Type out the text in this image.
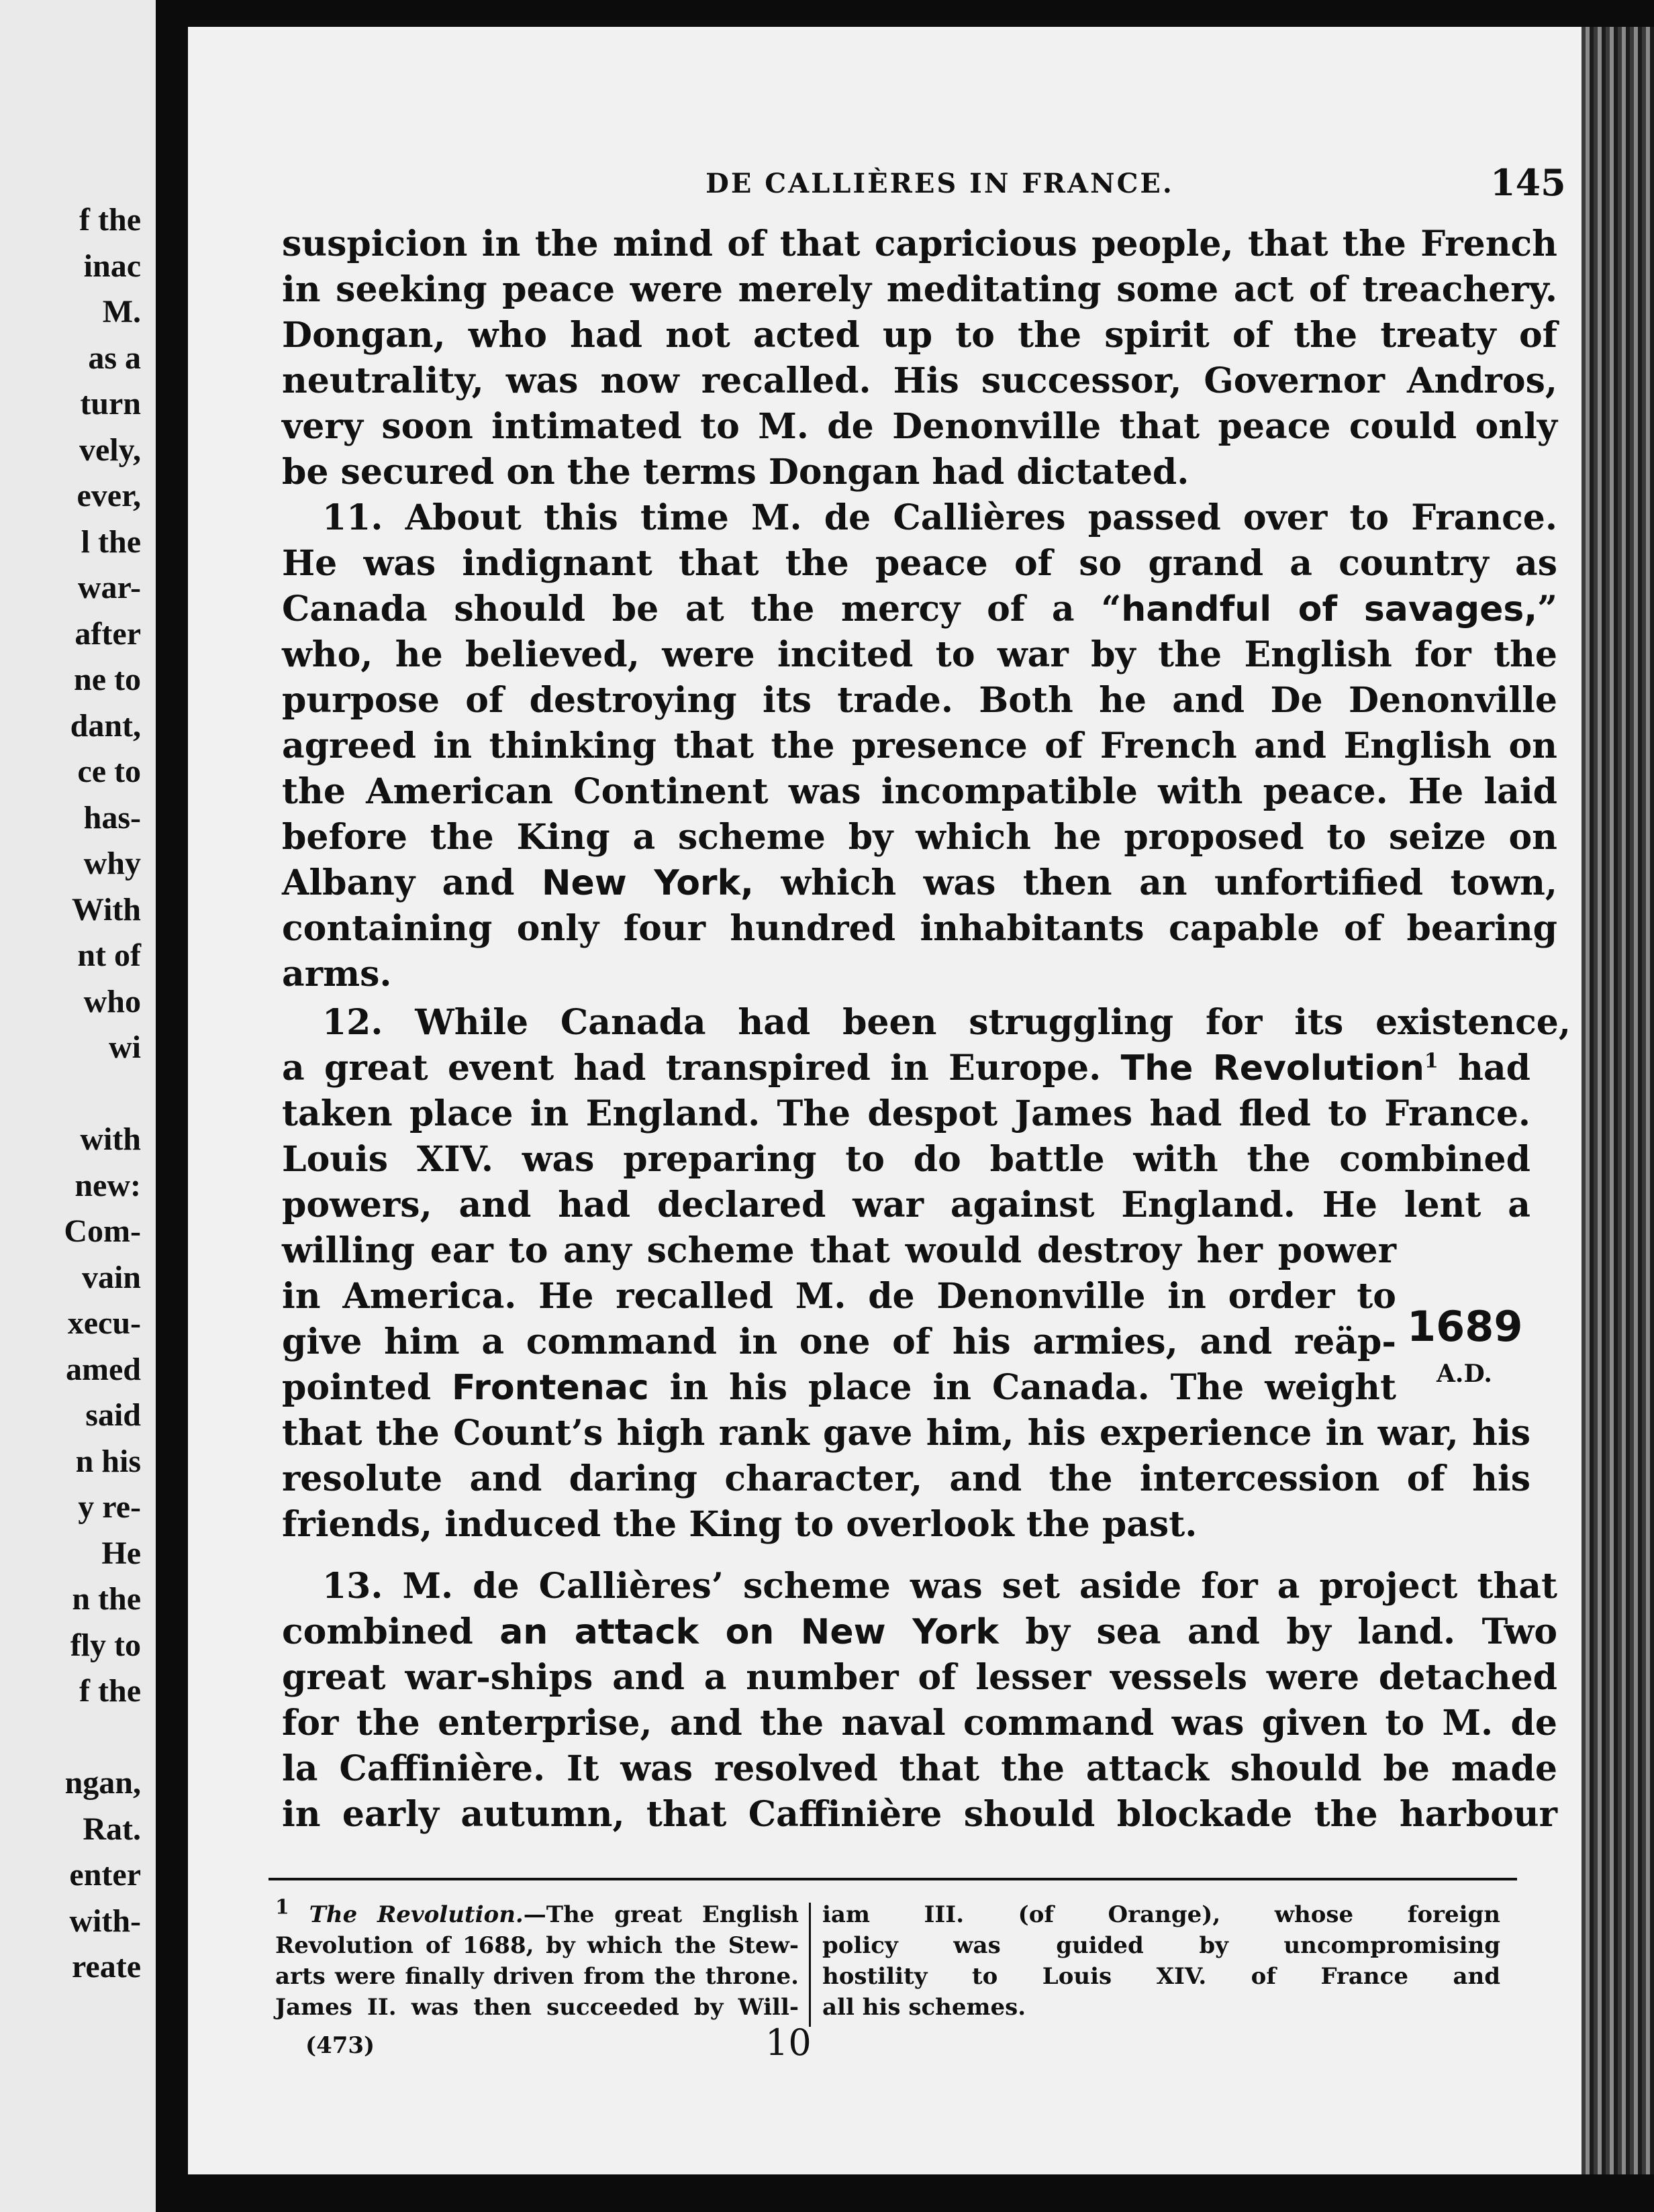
f the
inac
M.
as a
turn
vely,
ever,
l the
war-
after
ne to
dant,
ce to
has-
why
With
nt of
who
wi
with
new:
Com-
vain
xecu-
amed
said
n his
y re-
He
n the
fly to
f the
ngan,
Rat.
enter
with-
reate
DE CALLIÈRES IN FRANCE.	145
suspicion in the mind of that capricious people, that the French
in seeking peace were merely meditating some act of treachery.
Dongan, who had not acted up to the spirit of the treaty of
neutrality, was now recalled. His successor, Governor Andros,
very soon intimated to M. de Denonville that peace could only
be secured on the terms Dongan had dictated.
11. About this time M. de Callières passed over to France.
He was indignant that the peace of so grand a country as
Canada should be at the mercy of a “handful of savages,”
who, he believed, were incited to war by the English for the
purpose of destroying its trade. Both he and De Denonville
agreed in thinking that the presence of French and English on
the American Continent was incompatible with peace. He laid
before the King a scheme by which he proposed to seize on
Albany and New York, which was then an unfortified town,
containing only four hundred inhabitants capable of bearing
arms.
12. While Canada had been struggling for its existence,
a great event had transpired in Europe. The Revolution$^1$ had
taken place in England. The despot James had fled to France.
Louis XIV. was preparing to do battle with the combined
powers, and had declared war against England. He lent a
willing ear to any scheme that would destroy her power
in America. He recalled M. de Denonville in order to
give him a command in one of his armies, and reäp-
pointed Frontenac in his place in Canada. The weight
that the Count’s high rank gave him, his experience in war, his
resolute and daring character, and the intercession of his
friends, induced the King to overlook the past.
1689
A.D.
13. M. de Callières’ scheme was set aside for a project that
combined an attack on New York by sea and by land. Two
great war-ships and a number of lesser vessels were detached
for the enterprise, and the naval command was given to M. de
la Caffinière. It was resolved that the attack should be made
in early autumn, that Caffinière should blockade the harbour
1 The Revolution.—The great English
Revolution of 1688, by which the Stew-
arts were finally driven from the throne.
James II. was then succeeded by Will-
iam III. (of Orange), whose foreign
policy was guided by uncompromising
hostility to Louis XIV. of France and
all his schemes.
(473)	10
